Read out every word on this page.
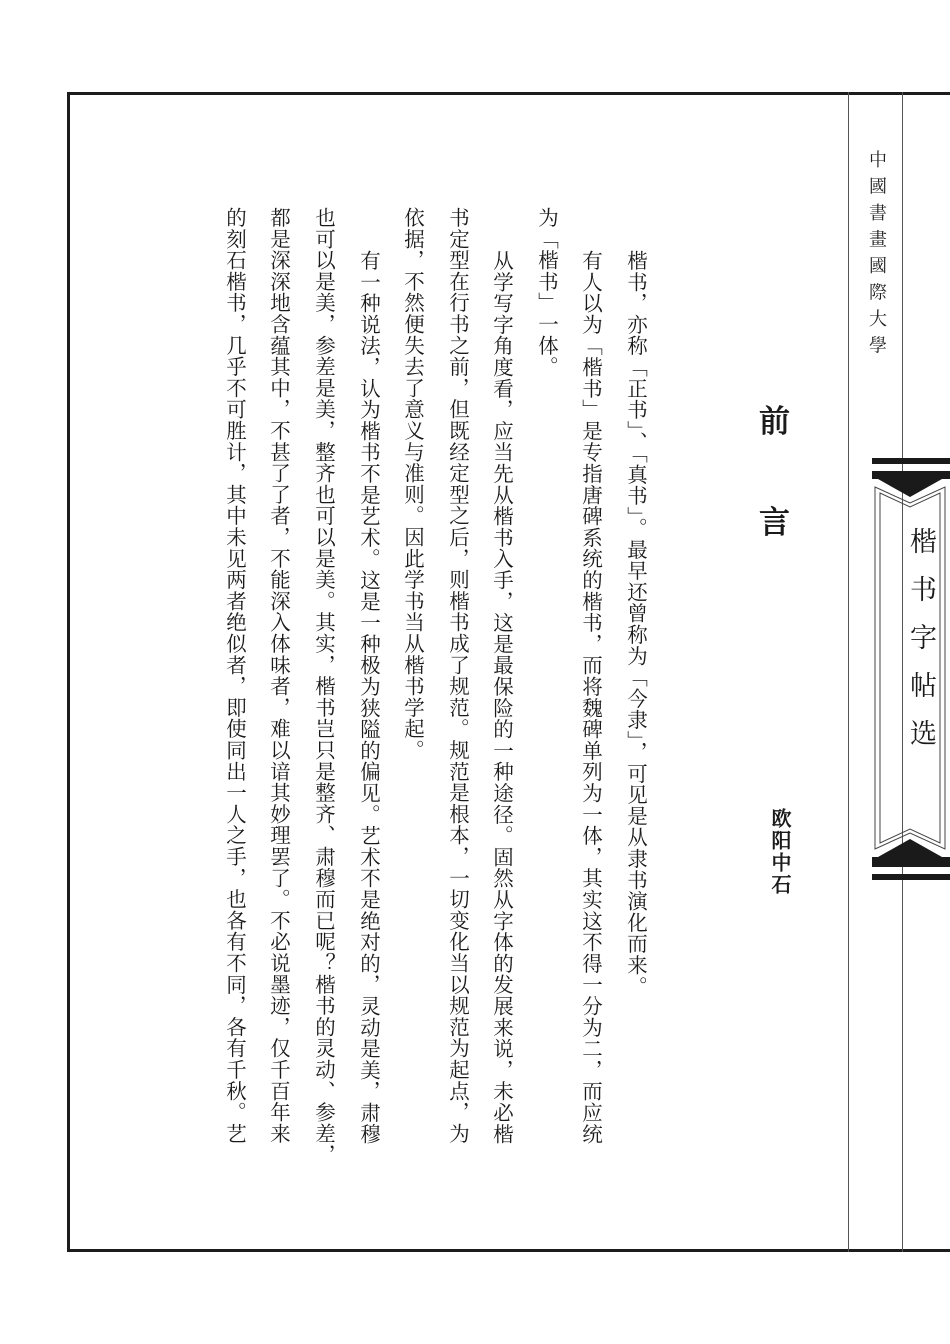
中國書畫國際大學
楷书字帖选
前
言
欧阳中石
楷书，亦称「正书」、「真书」。最早还曾称为「今隶」，可见是从隶书演化而来。
有人以为「楷书」是专指唐碑系统的楷书，而将魏碑单列为一体，其实这不得一分为二，而应统
为「楷书」一体。
从学写字角度看，应当先从楷书入手，这是最保险的一种途径。固然从字体的发展来说，未必楷
书定型在行书之前，但既经定型之后，则楷书成了规范。规范是根本，一切变化当以规范为起点，为
依据，不然便失去了意义与准则。因此学书当从楷书学起。
有一种说法，认为楷书不是艺术。这是一种极为狭隘的偏见。艺术不是绝对的，灵动是美，肃穆
也可以是美，参差是美，整齐也可以是美。其实，楷书岂只是整齐、肃穆而已呢？楷书的灵动、参差，
都是深深地含蕴其中，不甚了了者，不能深入体味者，难以谙其妙理罢了。不必说墨迹，仅千百年来
的刻石楷书，几乎不可胜计，其中未见两者绝似者，即使同出一人之手，也各有不同，各有千秋。艺
